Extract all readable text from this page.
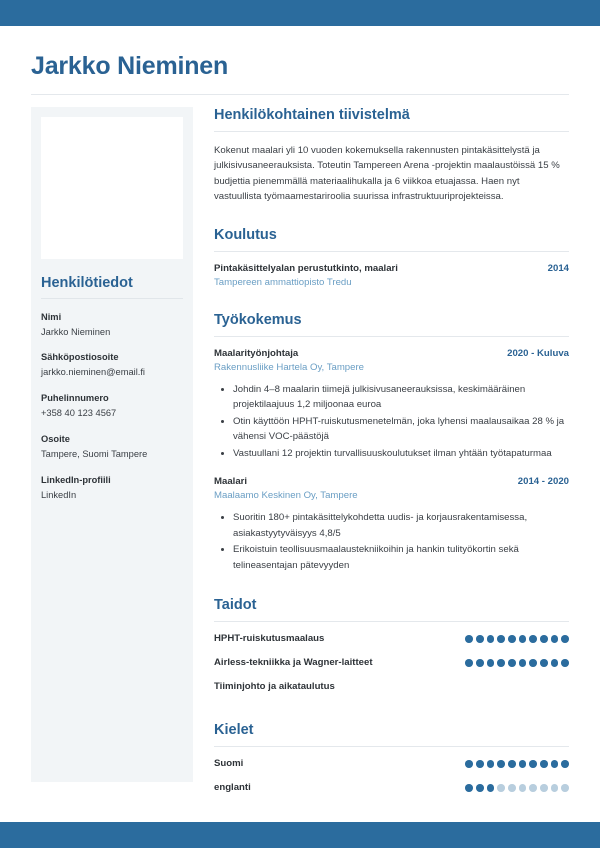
Jarkko Nieminen
Henkilötiedot
Nimi
Jarkko Nieminen
Sähköpostiosoite
jarkko.nieminen@email.fi
Puhelinnumero
+358 40 123 4567
Osoite
Tampere, Suomi Tampere
LinkedIn-profiili
LinkedIn
Henkilökohtainen tiivistelmä
Kokenut maalari yli 10 vuoden kokemuksella rakennusten pintakäsittelystä ja julkisivusaneerauksista. Toteutin Tampereen Arena -projektin maalaustöissä 15 % budjettia pienemmällä materiaalihukalla ja 6 viikkoa etuajassa. Haen nyt vastuullista työmaamestariroolia suurissa infrastruktuuriprojekteissa.
Koulutus
Pintakäsittelyalan perustutkinto, maalari	2014
Tampereen ammattiopisto Tredu
Työkokemus
Maalarityönjohtaja	2020 - Kuluva
Rakennusliike Hartela Oy, Tampere
• Johdin 4–8 maalarin tiimejä julkisivusaneerauksissa, keskimääräinen projektilaajuus 1,2 miljoonaa euroa
• Otin käyttöön HPHT-ruiskutusmenetelmän, joka lyhensi maalausaikaa 28 % ja vähensi VOC-päästöjä
• Vastuullani 12 projektin turvallisuuskoulutukset ilman yhtään työtapaturmaa
Maalari	2014 - 2020
Maalaamo Keskinen Oy, Tampere
• Suoritin 180+ pintakäsittelykohdetta uudis- ja korjausrakentamisessa, asiakastyytyväisyys 4,8/5
• Erikoistuin teollisuusmaalaustekniikoihin ja hankin tulityökortin sekä telineasentajan pätevyyden
Taidot
HPHT-ruiskutusmaalaus
Airless-tekniikka ja Wagner-laitteet
Tiiminjohto ja aikataulutus
Kielet
Suomi
englanti
